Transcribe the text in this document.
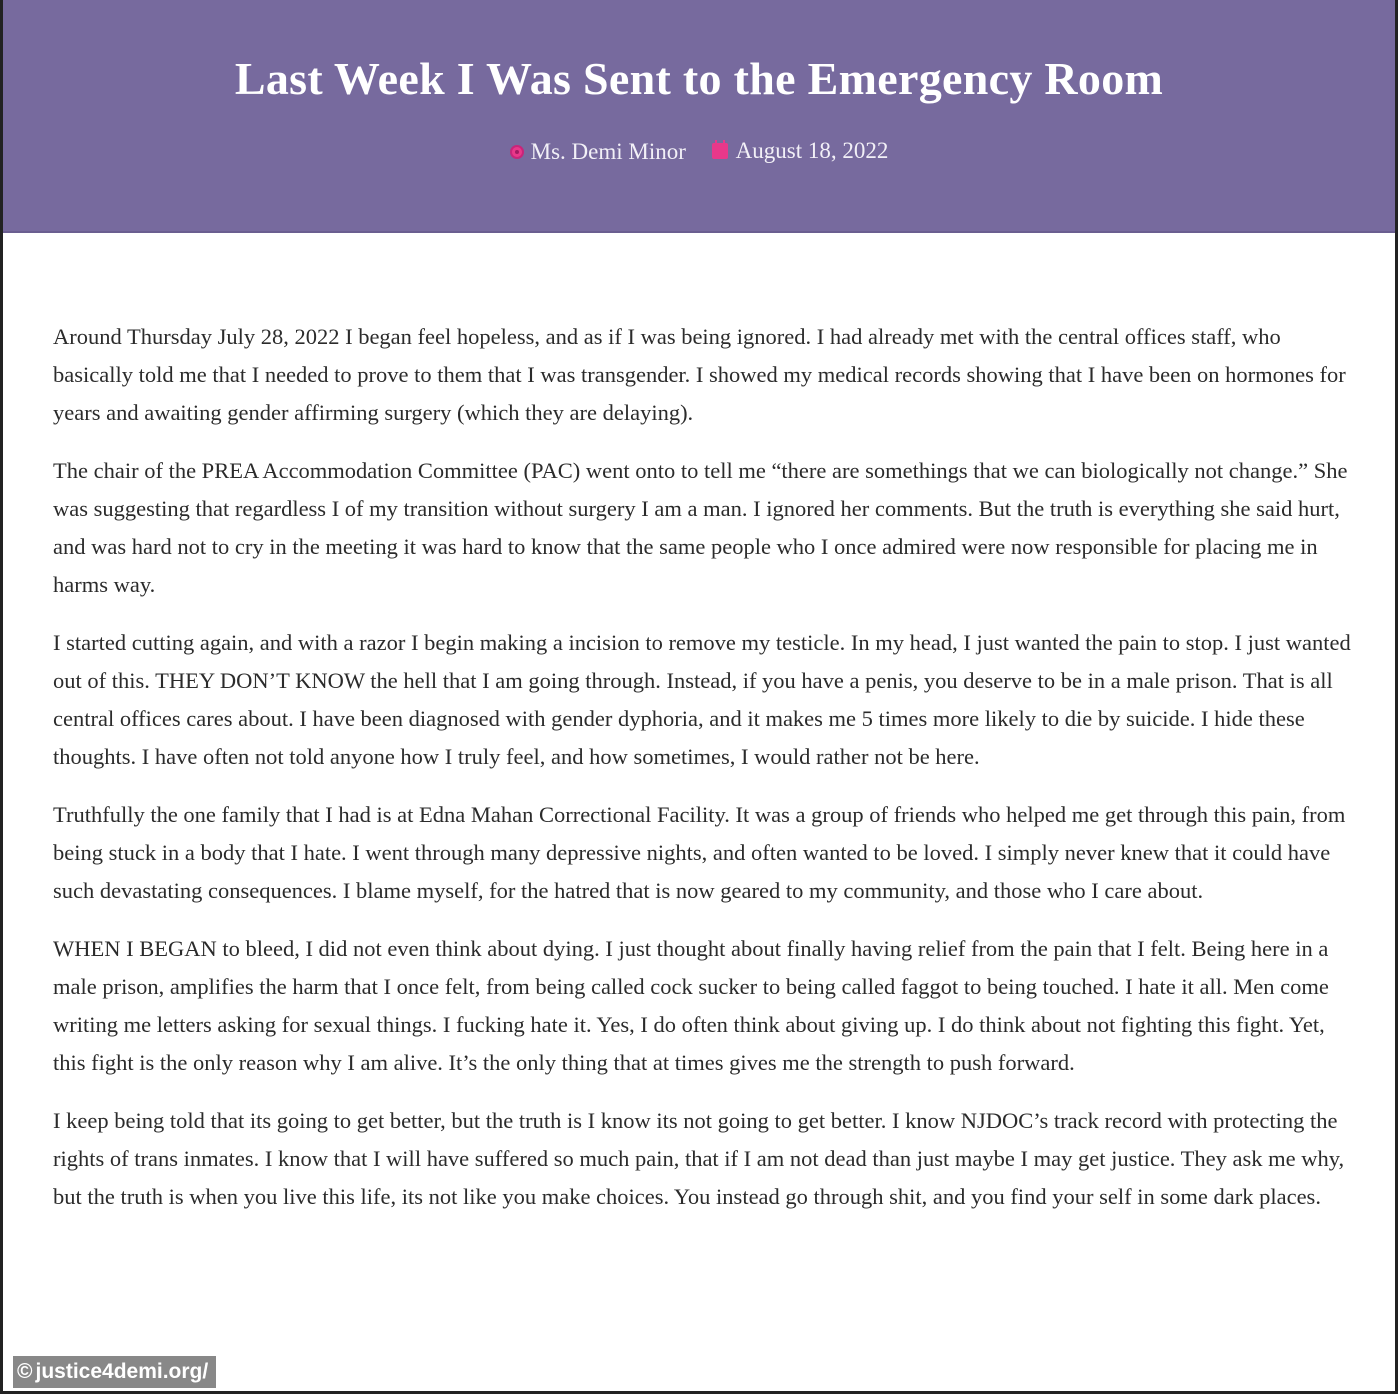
Last Week I Was Sent to the Emergency Room
Ms. Demi Minor
August 18, 2022

Around Thursday July 28, 2022 I began feel hopeless, and as if I was being ignored. I had already met with the central offices staff, who basically told me that I needed to prove to them that I was transgender. I showed my medical records showing that I have been on hormones for years and awaiting gender affirming surgery (which they are delaying).

The chair of the PREA Accommodation Committee (PAC) went onto to tell me “there are somethings that we can biologically not change.” She was suggesting that regardless I of my transition without surgery I am a man. I ignored her comments. But the truth is everything she said hurt, and was hard not to cry in the meeting it was hard to know that the same people who I once admired were now responsible for placing me in harms way.

I started cutting again, and with a razor I begin making a incision to remove my testicle. In my head, I just wanted the pain to stop. I just wanted out of this. THEY DON’T KNOW the hell that I am going through. Instead, if you have a penis, you deserve to be in a male prison. That is all central offices cares about. I have been diagnosed with gender dyphoria, and it makes me 5 times more likely to die by suicide. I hide these thoughts. I have often not told anyone how I truly feel, and how sometimes, I would rather not be here.

Truthfully the one family that I had is at Edna Mahan Correctional Facility. It was a group of friends who helped me get through this pain, from being stuck in a body that I hate. I went through many depressive nights, and often wanted to be loved. I simply never knew that it could have such devastating consequences. I blame myself, for the hatred that is now geared to my community, and those who I care about.

WHEN I BEGAN to bleed, I did not even think about dying. I just thought about finally having relief from the pain that I felt. Being here in a male prison, amplifies the harm that I once felt, from being called cock sucker to being called faggot to being touched. I hate it all. Men come writing me letters asking for sexual things. I fucking hate it. Yes, I do often think about giving up. I do think about not fighting this fight. Yet, this fight is the only reason why I am alive. It’s the only thing that at times gives me the strength to push forward.

I keep being told that its going to get better, but the truth is I know its not going to get better. I know NJDOC’s track record with protecting the rights of trans inmates. I know that I will have suffered so much pain, that if I am not dead than just maybe I may get justice. They ask me why, but the truth is when you live this life, its not like you make choices. You instead go through shit, and you find your self in some dark places.

© justice4demi.org/
